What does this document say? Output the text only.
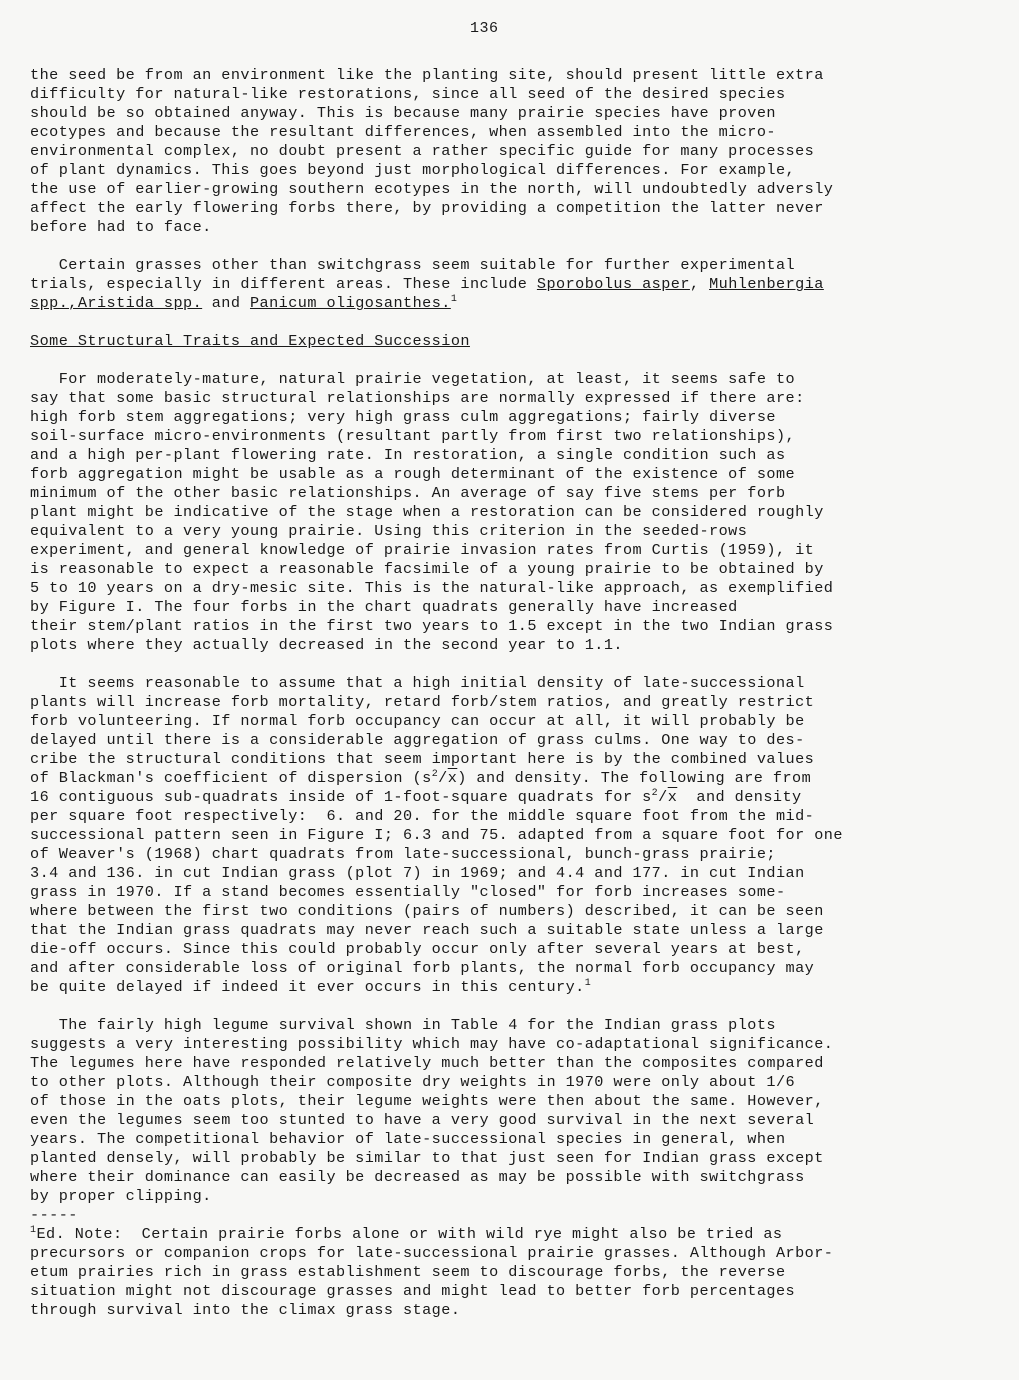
136

the seed be from an environment like the planting site, should present little extra

difficulty for natural-like restorations, since all seed of the desired species

should be so obtained anyway. This is because many prairie species have proven

ecotypes and because the resultant differences, when assembled into the micro-

environmental complex, no doubt present a rather specific guide for many processes

of plant dynamics. This goes beyond just morphological differences. For example,

the use of earlier-growing southern ecotypes in the north, will undoubtedly adversly

affect the early flowering forbs there, by providing a competition the latter never

before had to face.

Certain grasses other than switchgrass seem suitable for further experimental

trials, especially in different areas. These include Sporobolus asper, Muhlenbergia

spp.,Aristida spp. and Panicum oligosanthes.$^1$

Some Structural Traits and Expected Succession

For moderately-mature, natural prairie vegetation, at least, it seems safe to

say that some basic structural relationships are normally expressed if there are:

high forb stem aggregations; very high grass culm aggregations; fairly diverse

soil-surface micro-environments (resultant partly from first two relationships),

and a high per-plant flowering rate. In restoration, a single condition such as

forb aggregation might be usable as a rough determinant of the existence of some

minimum of the other basic relationships. An average of say five stems per forb

plant might be indicative of the stage when a restoration can be considered roughly

equivalent to a very young prairie. Using this criterion in the seeded-rows

experiment, and general knowledge of prairie invasion rates from Curtis (1959), it

is reasonable to expect a reasonable facsimile of a young prairie to be obtained by

5 to 10 years on a dry-mesic site. This is the natural-like approach, as exemplified

by Figure I. The four forbs in the chart quadrats generally have increased

their stem/plant ratios in the first two years to 1.5 except in the two Indian grass

plots where they actually decreased in the second year to 1.1.

It seems reasonable to assume that a high initial density of late-successional

plants will increase forb mortality, retard forb/stem ratios, and greatly restrict

forb volunteering. If normal forb occupancy can occur at all, it will probably be

delayed until there is a considerable aggregation of grass culms. One way to des-

cribe the structural conditions that seem important here is by the combined values

of Blackman's coefficient of dispersion $(s^2/\overline{x})$ and density. The following are from

16 contiguous sub-quadrats inside of 1-foot-square quadrats for $s^2/\overline{x}$  and density

per square foot respectively:  6. and 20. for the middle square foot from the mid-

successional pattern seen in Figure I; 6.3 and 75. adapted from a square foot for one

of Weaver's (1968) chart quadrats from late-successional, bunch-grass prairie;

3.4 and 136. in cut Indian grass (plot 7) in 1969; and 4.4 and 177. in cut Indian

grass in 1970. If a stand becomes essentially "closed" for forb increases some-

where between the first two conditions (pairs of numbers) described, it can be seen

that the Indian grass quadrats may never reach such a suitable state unless a large

die-off occurs. Since this could probably occur only after several years at best,

and after considerable loss of original forb plants, the normal forb occupancy may

be quite delayed if indeed it ever occurs in this century.$^1$

The fairly high legume survival shown in Table 4 for the Indian grass plots

suggests a very interesting possibility which may have co-adaptational significance.

The legumes here have responded relatively much better than the composites compared

to other plots. Although their composite dry weights in 1970 were only about 1/6

of those in the oats plots, their legume weights were then about the same. However,

even the legumes seem too stunted to have a very good survival in the next several

years. The competitional behavior of late-successional species in general, when

planted densely, will probably be similar to that just seen for Indian grass except

where their dominance can easily be decreased as may be possible with switchgrass

by proper clipping.

-----

$^1$Ed. Note:  Certain prairie forbs alone or with wild rye might also be tried as

precursors or companion crops for late-successional prairie grasses. Although Arbor-

etum prairies rich in grass establishment seem to discourage forbs, the reverse

situation might not discourage grasses and might lead to better forb percentages

through survival into the climax grass stage.
